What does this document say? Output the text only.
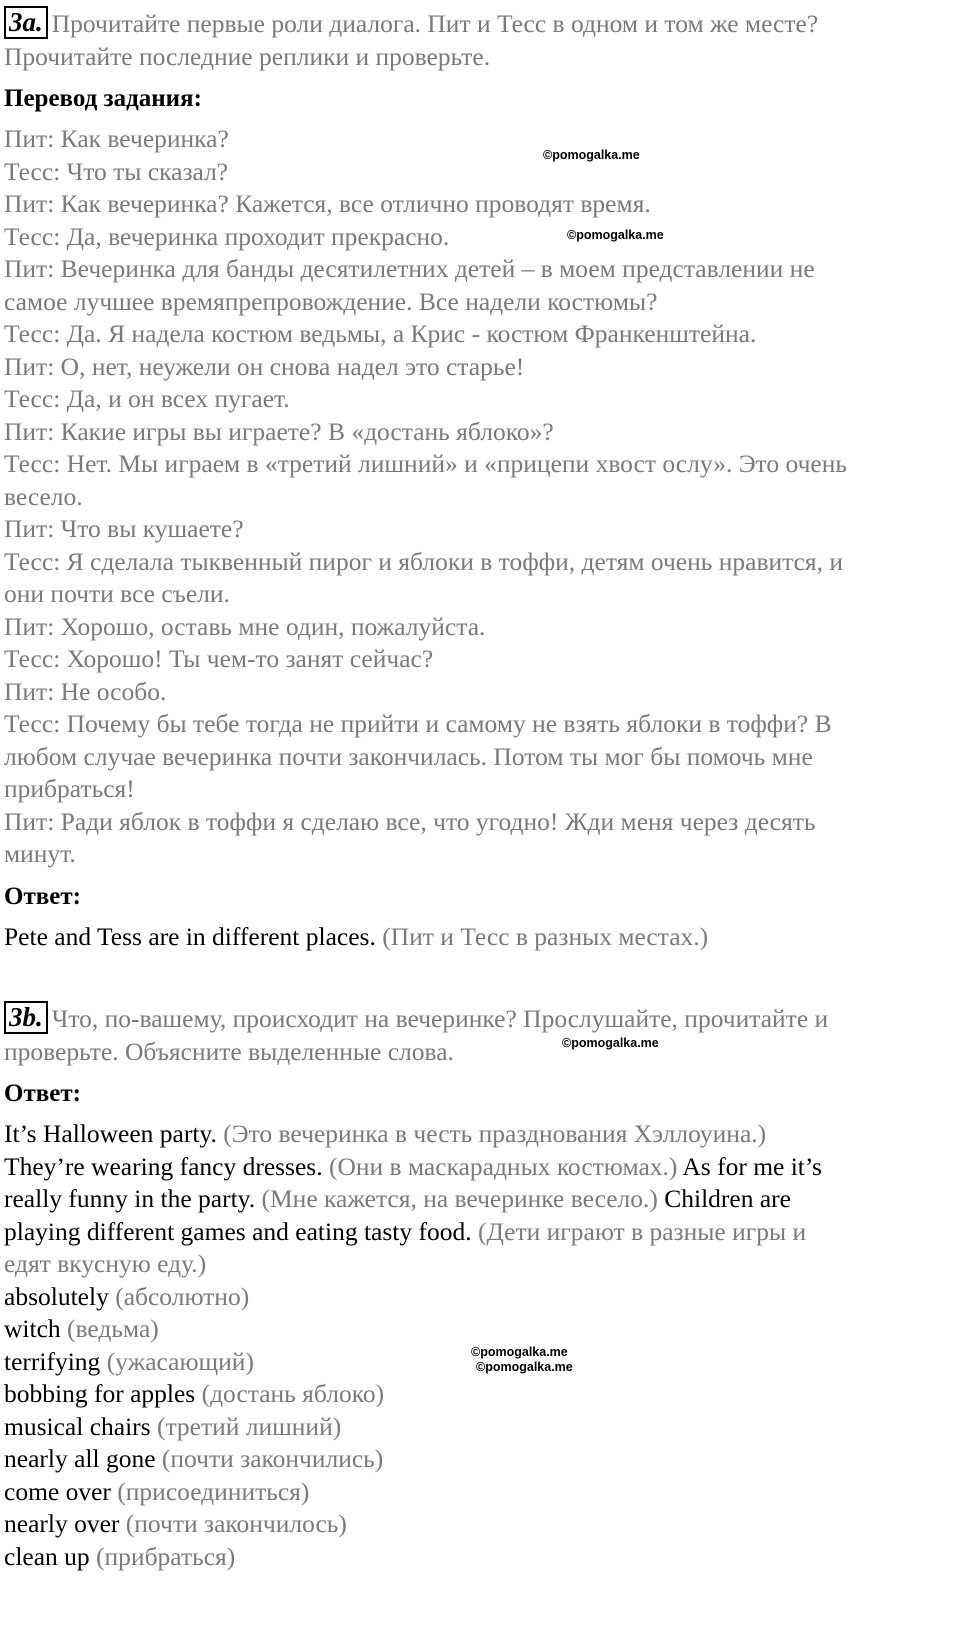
3a. Прочитайте первые роли диалога. Пит и Тесс в одном и том же месте?
Прочитайте последние реплики и проверьте.
Перевод задания:
Пит: Как вечеринка?
Тесс: Что ты сказал?
Пит: Как вечеринка? Кажется, все отлично проводят время.
Тесс: Да, вечеринка проходит прекрасно.
Пит: Вечеринка для банды десятилетних детей – в моем представлении не
самое лучшее времяпрепровождение. Все надели костюмы?
Тесс: Да. Я надела костюм ведьмы, а Крис - костюм Франкенштейна.
Пит: О, нет, неужели он снова надел это старье!
Тесс: Да, и он всех пугает.
Пит: Какие игры вы играете? В «достань яблоко»?
Тесс: Нет. Мы играем в «третий лишний» и «прицепи хвост ослу». Это очень
весело.
Пит: Что вы кушаете?
Тесс: Я сделала тыквенный пирог и яблоки в тоффи, детям очень нравится, и
они почти все съели.
Пит: Хорошо, оставь мне один, пожалуйста.
Тесс: Хорошо! Ты чем-то занят сейчас?
Пит: Не особо.
Тесс: Почему бы тебе тогда не прийти и самому не взять яблоки в тоффи? В
любом случае вечеринка почти закончилась. Потом ты мог бы помочь мне
прибраться!
Пит: Ради яблок в тоффи я сделаю все, что угодно! Жди меня через десять
минут.
Ответ:
Pete and Tess are in different places. (Пит и Тесс в разных местах.)
3b. Что, по-вашему, происходит на вечеринке? Прослушайте, прочитайте и
проверьте. Объясните выделенные слова.
Ответ:
It’s Halloween party. (Это вечеринка в честь празднования Хэллоуина.)
They’re wearing fancy dresses. (Они в маскарадных костюмах.) As for me it’s
really funny in the party. (Мне кажется, на вечеринке весело.) Children are
playing different games and eating tasty food. (Дети играют в разные игры и
едят вкусную еду.)
absolutely (абсолютно)
witch (ведьма)
terrifying (ужасающий)
bobbing for apples (достань яблоко)
musical chairs (третий лишний)
nearly all gone (почти закончились)
come over (присоединиться)
nearly over (почти закончилось)
clean up (прибраться)
©pomogalka.me
©pomogalka.me
©pomogalka.me
©pomogalka.me
©pomogalka.me
